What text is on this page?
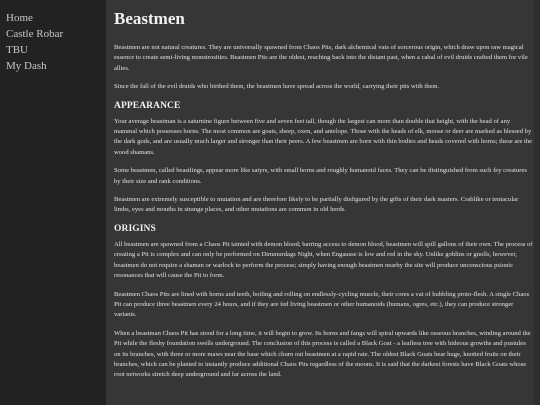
Home
Castle Robar
TBU
My Dash
Beastmen

Beastmen are not natural creatures. They are universally spawned from Chaos Pits, dark alchemical vats of sorcerous origin, which draw upon raw magical essence to create semi-living monstrosities. Beastmen Pits are the oldest, reaching back into the distant past, when a cabal of evil druids crafted them for vile allies.

Since the fall of the evil druids who birthed them, the beastmen have spread across the world, carrying their pits with them.

APPEARANCE

Your average beastman is a saturnine figure between five and seven feet tall, though the largest can more than double that height, with the head of any mammal which possesses horns. The most common are goats, sheep, oxen, and antelope. Those with the heads of elk, moose or deer are marked as blessed by the dark gods, and are usually much larger and stronger than their peers. A few beastmen are born with thin bodies and heads covered with horns; these are the wood shamans.

Some beastmen, called beastlings, appear more like satyrs, with small horns and roughly humanoid faces. They can be distinguished from such fey creatures by their size and rank conditions.

Beastmen are extremely susceptible to mutation and are therefore likely to be partially disfigured by the gifts of their dark masters. Crablike or tentacular limbs, eyes and mouths in strange places, and other mutations are common in old herds.

ORIGINS

All beastmen are spawned from a Chaos Pit tainted with demon blood; barring access to demon blood, beastmen will spill gallons of their own. The process of creating a Pit is complex and can only be performed on Dimmurdags Night, when Engausse is low and red in the sky. Unlike goblins or gnolls, however, beastmen do not require a shaman or warlock to perform the process; simply having enough beastmen nearby the site will produce unconscious psionic resonances that will cause the Pit to form.

Beastmen Chaos Pits are lined with horns and teeth, boiling and rolling on endlessly-cycling muscle, their cores a vat of bubbling proto-flesh. A single Chaos Pit can produce three beastmen every 24 hours, and if they are fed living beastmen or other humanoids (humans, ogres, etc.), they can produce stronger variants.

When a beastman Chaos Pit has stood for a long time, it will begin to grow. Its horns and fangs will spiral upwards like osseous branches, winding around the Pit while the fleshy foundation swells underground. The conclusion of this process is called a Black Goat - a leafless tree with hideous growths and pustules on its branches, with three or more maws near the base which churn out beastmen at a rapid rate. The oldest Black Goats bear huge, knotted fruits on their branches, which can be planted to instantly produce additional Chaos Pits regardless of the moons. It is said that the darkest forests have Black Goats whose root networks stretch deep underground and far across the land.
